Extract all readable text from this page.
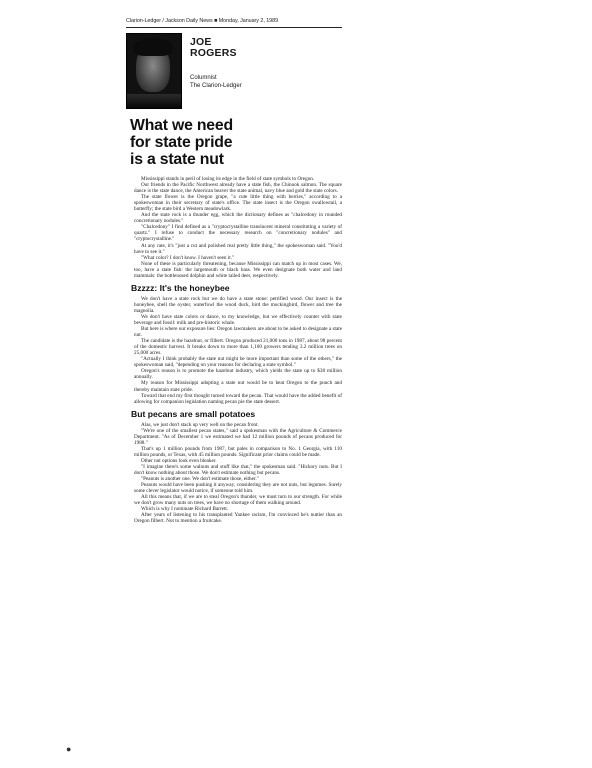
Clarion-Ledger / Jackson Daily News ■ Monday, January 2, 1989
JOE
ROGERS
Columnist
The Clarion-Ledger
What we need
for state pride
is a state nut

Mississippi stands in peril of losing its edge in the field of state symbols to Oregon.

Our friends in the Pacific Northwest already have a state fish, the Chinook salmon. The square dance is the state dance, the American beaver the state animal, navy blue and gold the state colors.

The state flower is the Oregon grape, "a cute little thing with berries," according to a spokeswoman in their secretary of state's office. The state insect is the Oregon swallowtail, a butterfly; the state bird a Western meadowlark.

And the state rock is a thunder egg, which the dictionary defines as "chalcedony in rounded concretionary nodules."

"Chalcedony" I find defined as a "cryptocrystalline translucent mineral constituting a variety of quartz." I refuse to conduct the necessary research on "concretionary nodules" and "cryptocrystalline."

At any rate, it's "just a cut and polished real pretty little thing," the spokeswoman said. "You'd have to see it."

"What color? I don't know. I haven't seen it."

None of these is particularly threatening, because Mississippi can match up in most cases. We, too, have a state fish: the largemouth or black bass. We even designate both water and land mammals: the bottlenosed dolphin and white tailed deer, respectively.

Bzzzz: It's the honeybee

We don't have a state rock but we do have a state stone: petrified wood. Our insect is the honeybee, shell the oyster, waterfowl the wood duck, bird the mockingbird, flower and tree the magnolia.

We don't have state colors or dance, to my knowledge, but we effectively counter with state beverage and fossil: milk and pre-historic whale.

But here is where our exposure lies: Oregon lawmakers are about to be asked to designate a state nut.

The candidate is the hazelnut, or filbert. Oregon produced 21,000 tons in 1987, about 98 percent of the domestic harvest. It breaks down to more than 1,100 growers tending 3.2 million trees on 25,000 acres.

"Actually I think probably the state nut might be more important than some of the others," the spokeswoman said, "depending on your reasons for declaring a state symbol."

Oregon's reason is to promote the hazelnut industry, which yields the state up to $38 million annually.

My reason for Mississippi adopting a state nut would be to beat Oregon to the punch and thereby maintain state pride.

Toward that end my first thought turned toward the pecan. That would have the added benefit of allowing for companion legislation naming pecan pie the state dessert.

But pecans are small potatoes

Alas, we just don't stack up very well on the pecan front.

"We're one of the smallest pecan states," said a spokesman with the Agriculture & Commerce Department. "As of December 1 we estimated we had 12 million pounds of pecans produced for 1988."

That's up 1 million pounds from 1987, but pales in comparison to No. 1 Georgia, with 110 million pounds, or Texas, with 45 million pounds. Significant prior claims could be made.

Other nut options look even bleaker.

"I imagine there's some walnuts and stuff like that," the spokesman said. "Hickory nuts. But I don't know nothing about those. We don't estimate nothing but pecans.

"Peanuts is another one. We don't estimate those, either."

Peanuts would have been pushing it anyway, considering they are not nuts, but legumes. Surely some clever legislator would notice, if someone told him.

All this means that, if we are to steal Oregon's thunder, we must turn to our strength. For while we don't grow many nuts on trees, we have no shortage of them walking around.

Which is why I nominate Richard Barrett.

After years of listening to his transplanted Yankee racism, I'm convinced he's nuttier than an Oregon filbert. Not to mention a fruitcake.

●
